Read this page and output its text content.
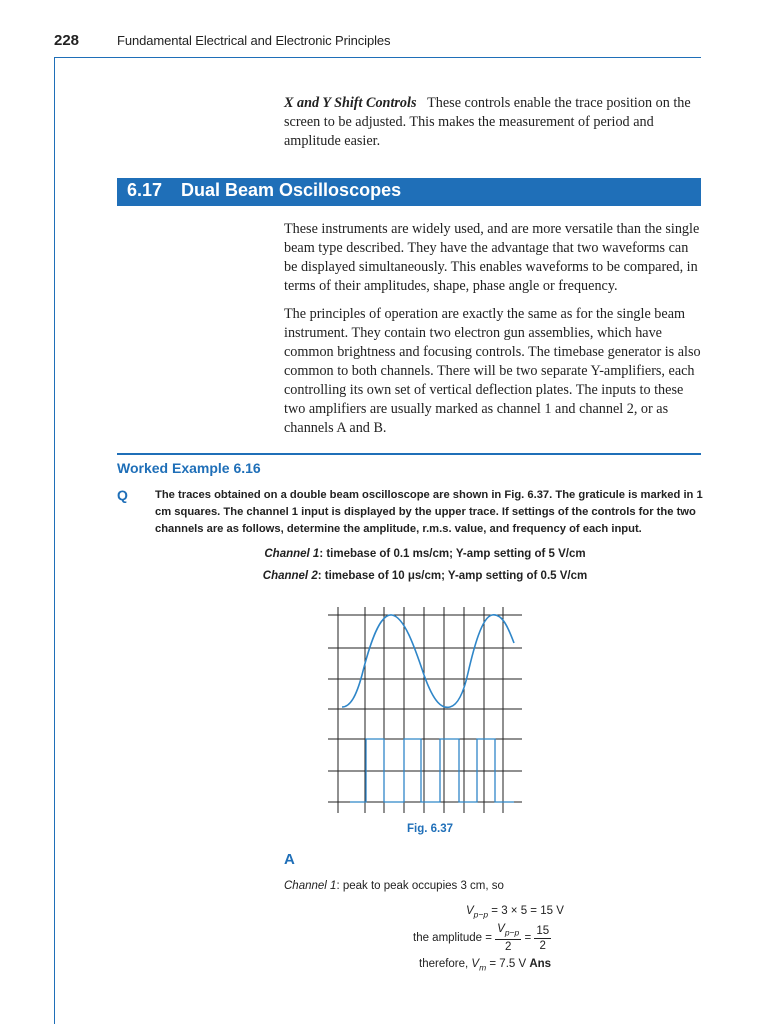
228	Fundamental Electrical and Electronic Principles

X and Y Shift Controls These controls enable the trace position on the screen to be adjusted. This makes the measurement of period and amplitude easier.

6.17 Dual Beam Oscilloscopes

These instruments are widely used, and are more versatile than the single beam type described. They have the advantage that two waveforms can be displayed simultaneously. This enables waveforms to be compared, in terms of their amplitudes, shape, phase angle or frequency.

The principles of operation are exactly the same as for the single beam instrument. They contain two electron gun assemblies, which have common brightness and focusing controls. The timebase generator is also common to both channels. There will be two separate Y-amplifiers, each controlling its own set of vertical deflection plates. The inputs to these two amplifiers are usually marked as channel 1 and channel 2, or as channels A and B.

Worked Example 6.16
Q The traces obtained on a double beam oscilloscope are shown in Fig. 6.37. The graticule is marked in 1 cm squares. The channel 1 input is displayed by the upper trace. If settings of the controls for the two channels are as follows, determine the amplitude, r.m.s. value, and frequency of each input.

Channel 1: timebase of 0.1 ms/cm; Y-amp setting of 5 V/cm
Channel 2: timebase of 10 μs/cm; Y-amp setting of 0.5 V/cm
Fig. 6.37
A
Channel 1: peak to peak occupies 3 cm, so
$V_{p-p} = 3 \times 5 = 15$ V
the amplitude = $\frac{V_{p-p}}{2} = \frac{15}{2}$
therefore, $V_m = 7.5$ V Ans
